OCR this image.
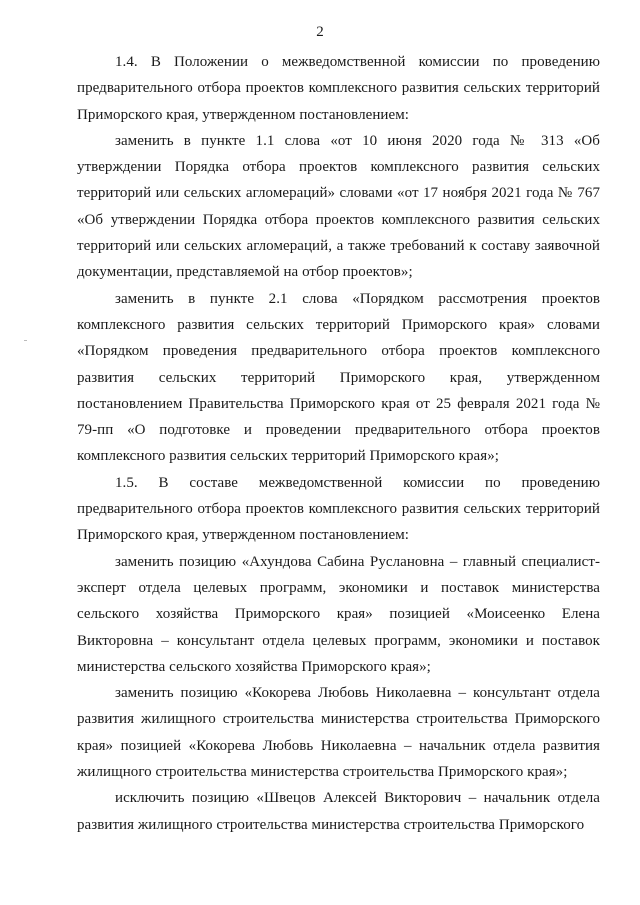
2

1.4. В Положении о межведомственной комиссии по проведению предварительного отбора проектов комплексного развития сельских территорий Приморского края, утвержденном постановлением:

заменить в пункте 1.1 слова «от 10 июня 2020 года № 313 «Об утверждении Порядка отбора проектов комплексного развития сельских территорий или сельских агломераций» словами «от 17 ноября 2021 года № 767 «Об утверждении Порядка отбора проектов комплексного развития сельских территорий или сельских агломераций, а также требований к составу заявочной документации, представляемой на отбор проектов»;

заменить в пункте 2.1 слова «Порядком рассмотрения проектов комплексного развития сельских территорий Приморского края» словами «Порядком проведения предварительного отбора проектов комплексного развития сельских территорий Приморского края, утвержденном постановлением Правительства Приморского края от 25 февраля 2021 года № 79-пп «О подготовке и проведении предварительного отбора проектов комплексного развития сельских территорий Приморского края»;

1.5. В составе межведомственной комиссии по проведению предварительного отбора проектов комплексного развития сельских территорий Приморского края, утвержденном постановлением:

заменить позицию «Ахундова Сабина Руслановна – главный специалист-эксперт отдела целевых программ, экономики и поставок министерства сельского хозяйства Приморского края» позицией «Моисеенко Елена Викторовна – консультант отдела целевых программ, экономики и поставок министерства сельского хозяйства Приморского края»;

заменить позицию «Кокорева Любовь Николаевна – консультант отдела развития жилищного строительства министерства строительства Приморского края» позицией «Кокорева Любовь Николаевна – начальник отдела развития жилищного строительства министерства строительства Приморского края»;

исключить позицию «Швецов Алексей Викторович – начальник отдела развития жилищного строительства министерства строительства Приморского
